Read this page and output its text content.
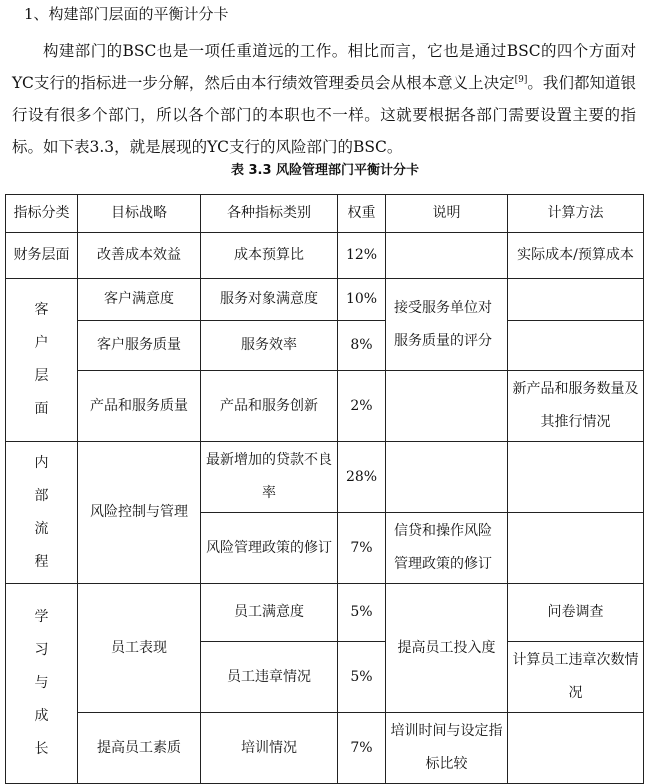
1、构建部门层面的平衡计分卡

构建部门的BSC也是一项任重道远的工作。相比而言，它也是通过BSC的四个方面对YC支行的指标进一步分解，然后由本行绩效管理委员会从根本意义上决定[9]。我们都知道银行设有很多个部门，所以各个部门的本职也不一样。这就要根据各部门需要设置主要的指标。如下表3.3，就是展现的YC支行的风险部门的BSC。

表 3.3 风险管理部门平衡计分卡
指标分类	目标战略	各种指标类别	权重	说明	计算方法
财务层面	改善成本效益	成本预算比	12%		实际成本/预算成本

客
户
层
面	客户满意度	服务对象满意度	10%	接受服务单位对服务质量的评分	
	客户服务质量	服务效率	8%		
	产品和服务质量	产品和服务创新	2%		新产品和服务数量及其推行情况

内
部
流
程	风险控制与管理	最新增加的贷款不良率	28%		
		风险管理政策的修订	7%	信贷和操作风险管理政策的修订	

学
习
与
成
长	员工表现	员工满意度	5%	提高员工投入度	问卷调查
		员工违章情况	5%		计算员工违章次数情况
	提高员工素质	培训情况	7%	培训时间与设定指标比较	
